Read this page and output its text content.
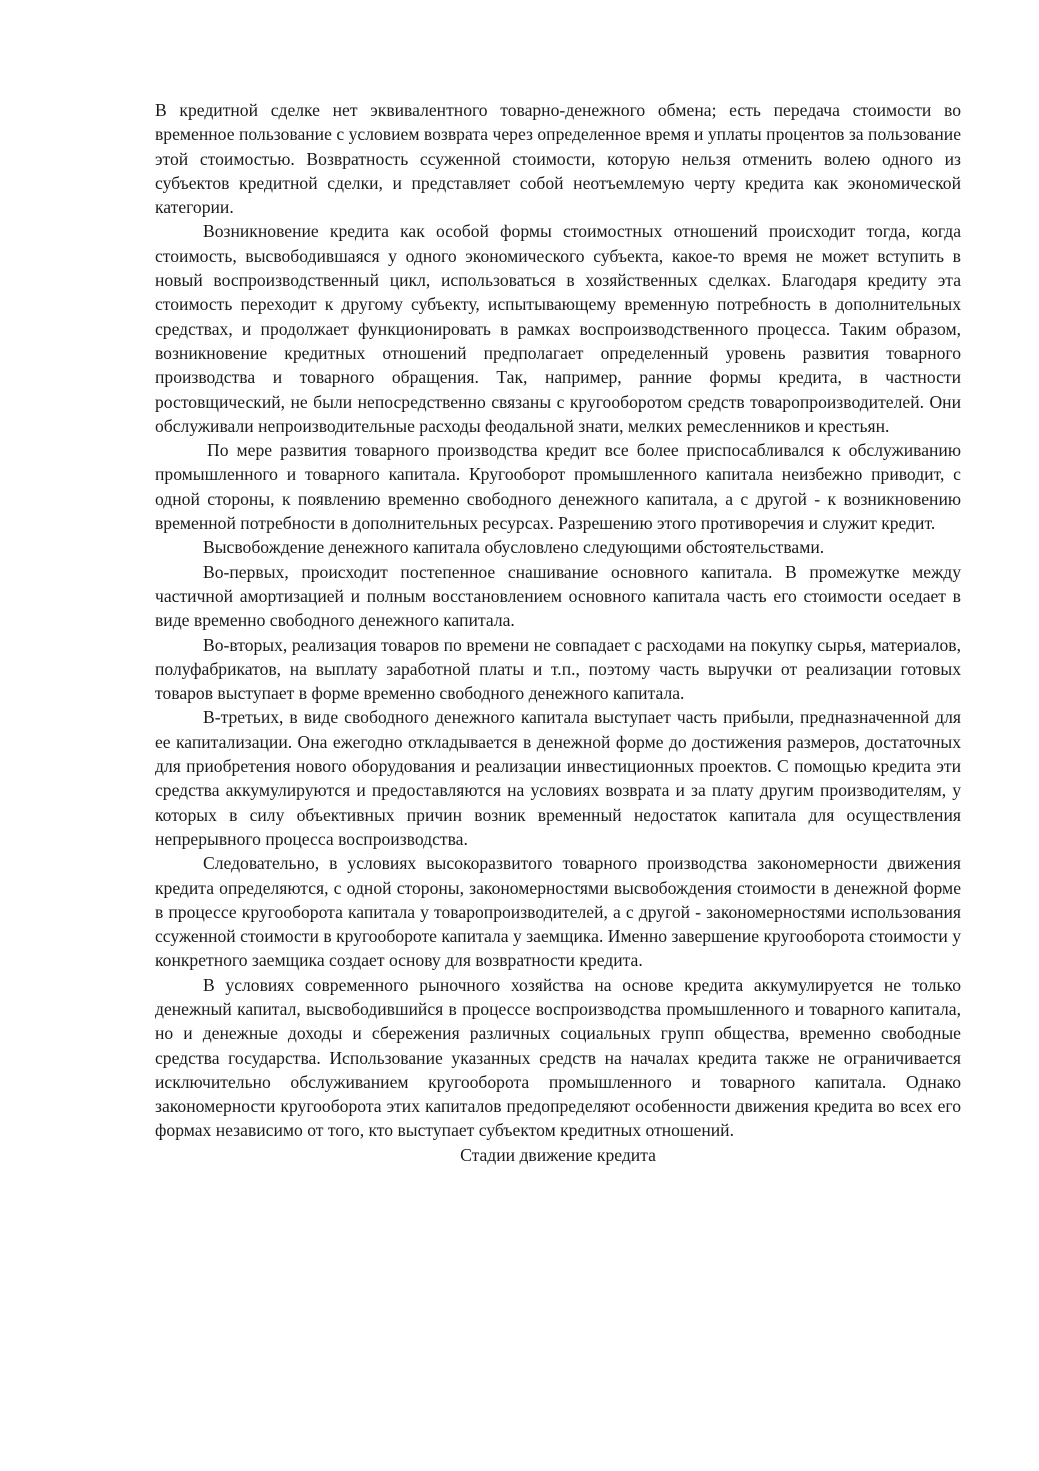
В кредитной сделке нет эквивалентного товарно-денежного обмена; есть передача стоимости во временное пользование с условием возврата через определенное время и уплаты процентов за пользование этой стоимостью. Возвратность ссуженной стоимости, которую нельзя отменить волею одного из субъектов кредитной сделки, и представляет собой неотъемлемую черту кредита как экономической категории.

Возникновение кредита как особой формы стоимостных отношений происходит тогда, когда стоимость, высвободившаяся у одного экономического субъекта, какое-то время не может вступить в новый воспроизводственный цикл, использоваться в хозяйственных сделках. Благодаря кредиту эта стоимость переходит к другому субъекту, испытывающему временную потребность в дополнительных средствах, и продолжает функционировать в рамках воспроизводственного процесса. Таким образом, возникновение кредитных отношений предполагает определенный уровень развития товарного производства и товарного обращения. Так, например, ранние формы кредита, в частности ростовщический, не были непосредственно связаны с кругооборотом средств товаропроизводителей. Они обслуживали непроизводительные расходы феодальной знати, мелких ремесленников и крестьян.

По мере развития товарного производства кредит все более приспосабливался к обслуживанию промышленного и товарного капитала. Кругооборот промышленного капитала неизбежно приводит, с одной стороны, к появлению временно свободного денежного капитала, а с другой - к возникновению временной потребности в дополнительных ресурсах. Разрешению этого противоречия и служит кредит.

Высвобождение денежного капитала обусловлено следующими обстоятельствами.

Во-первых, происходит постепенное снашивание основного капитала. В промежутке между частичной амортизацией и полным восстановлением основного капитала часть его стоимости оседает в виде временно свободного денежного капитала.

Во-вторых, реализация товаров по времени не совпадает с расходами на покупку сырья, материалов, полуфабрикатов, на выплату заработной платы и т.п., поэтому часть выручки от реализации готовых товаров выступает в форме временно свободного денежного капитала.

В-третьих, в виде свободного денежного капитала выступает часть прибыли, предназначенной для ее капитализации. Она ежегодно откладывается в денежной форме до достижения размеров, достаточных для приобретения нового оборудования и реализации инвестиционных проектов. С помощью кредита эти средства аккумулируются и предоставляются на условиях возврата и за плату другим производителям, у которых в силу объективных причин возник временный недостаток капитала для осуществления непрерывного процесса воспроизводства.

Следовательно, в условиях высокоразвитого товарного производства закономерности движения кредита определяются, с одной стороны, закономерностями высвобождения стоимости в денежной форме в процессе кругооборота капитала у товаропроизводителей, а с другой - закономерностями использования ссуженной стоимости в кругообороте капитала у заемщика. Именно завершение кругооборота стоимости у конкретного заемщика создает основу для возвратности кредита.

В условиях современного рыночного хозяйства на основе кредита аккумулируется не только денежный капитал, высвободившийся в процессе воспроизводства промышленного и товарного капитала, но и денежные доходы и сбережения различных социальных групп общества, временно свободные средства государства. Использование указанных средств на началах кредита также не ограничивается исключительно обслуживанием кругооборота промышленного и товарного капитала. Однако закономерности кругооборота этих капиталов предопределяют особенности движения кредита во всех его формах независимо от того, кто выступает субъектом кредитных отношений.

Стадии движение кредита
